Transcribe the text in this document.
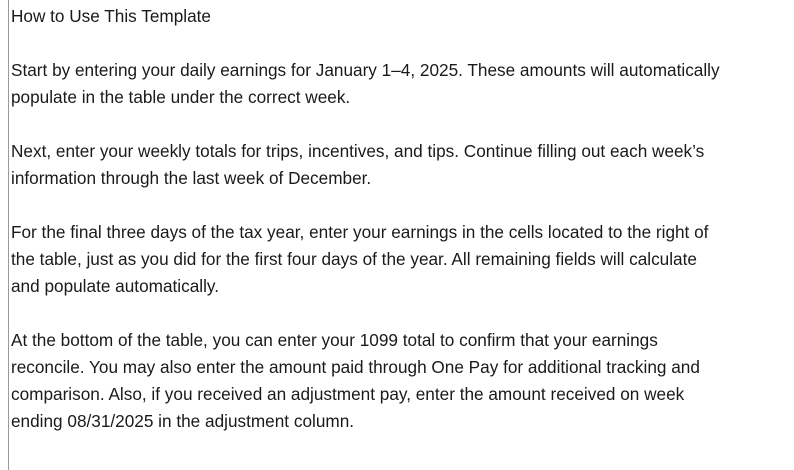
How to Use This Template
Start by entering your daily earnings for January 1–4, 2025. These amounts will automatically
populate in the table under the correct week.
Next, enter your weekly totals for trips, incentives, and tips. Continue filling out each week’s
information through the last week of December.
For the final three days of the tax year, enter your earnings in the cells located to the right of
the table, just as you did for the first four days of the year. All remaining fields will calculate
and populate automatically.
At the bottom of the table, you can enter your 1099 total to confirm that your earnings
reconcile. You may also enter the amount paid through One Pay for additional tracking and
comparison. Also, if you received an adjustment pay, enter the amount received on week
ending 08/31/2025 in the adjustment column.
